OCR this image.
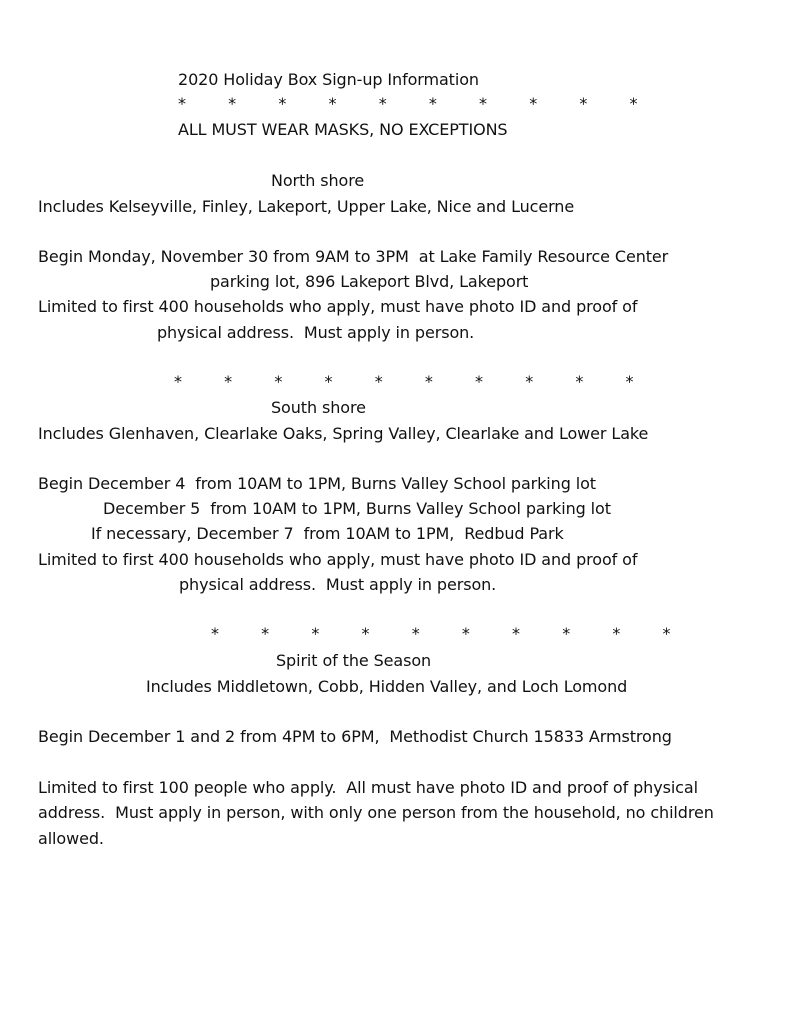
2020 Holiday Box Sign-up Information
*  *  *  *  *  *  *  *  *  *
ALL MUST WEAR MASKS, NO EXCEPTIONS
North shore
Includes Kelseyville, Finley, Lakeport, Upper Lake, Nice and Lucerne
Begin Monday, November 30 from 9AM to 3PM  at Lake Family Resource Center
parking lot, 896 Lakeport Blvd, Lakeport
Limited to first 400 households who apply, must have photo ID and proof of
physical address.  Must apply in person.
*  *  *  *  *  *  *  *  *  *
South shore
Includes Glenhaven, Clearlake Oaks, Spring Valley, Clearlake and Lower Lake
Begin December 4  from 10AM to 1PM, Burns Valley School parking lot
December 5  from 10AM to 1PM, Burns Valley School parking lot
If necessary, December 7  from 10AM to 1PM,  Redbud Park
Limited to first 400 households who apply, must have photo ID and proof of
physical address.  Must apply in person.
*  *  *  *  *  *  *  *  *  *
Spirit of the Season
Includes Middletown, Cobb, Hidden Valley, and Loch Lomond
Begin December 1 and 2 from 4PM to 6PM,  Methodist Church 15833 Armstrong
Limited to first 100 people who apply.  All must have photo ID and proof of physical
address.  Must apply in person, with only one person from the household, no children
allowed.
